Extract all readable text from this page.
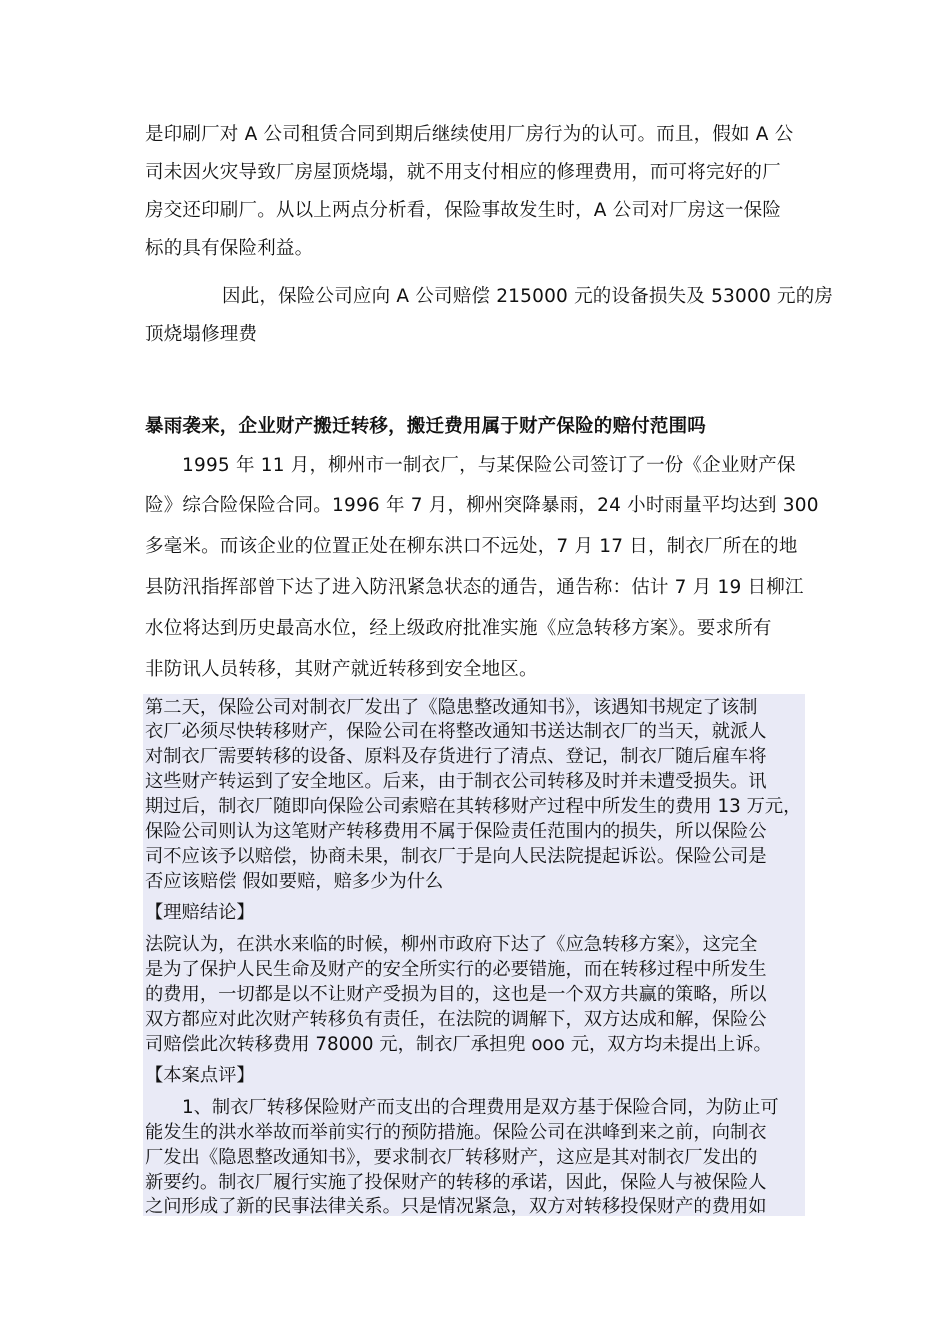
是印刷厂对 A 公司租赁合同到期后继续使用厂房行为的认可。而且，假如 A 公
司未因火灾导致厂房屋顶烧塌，就不用支付相应的修理费用，而可将完好的厂
房交还印刷厂。从以上两点分析看，保险事故发生时，A 公司对厂房这一保险
标的具有保险利益。
因此，保险公司应向 A 公司赔偿 215000 元的设备损失及 53000 元的房
顶烧塌修理费
暴雨袭来，企业财产搬迁转移，搬迁费用属于财产保险的赔付范围吗
1995 年 11 月，柳州市一制衣厂，与某保险公司签订了一份《企业财产保
险》综合险保险合同。1996 年 7 月，柳州突降暴雨，24 小时雨量平均达到 300
多毫米。而该企业的位置正处在柳东洪口不远处，7 月 17 日，制衣厂所在的地
县防汛指挥部曾下达了进入防汛紧急状态的通告，通告称：估计 7 月 19 日柳江
水位将达到历史最高水位，经上级政府批准实施《应急转移方案》。要求所有
非防讯人员转移，其财产就近转移到安全地区。
第二天，保险公司对制衣厂发出了《隐患整改通知书》，该遇知书规定了该制
衣厂必须尽快转移财产，保险公司在将整改通知书送达制衣厂的当天，就派人
对制衣厂需要转移的设备、原料及存货进行了清点、登记，制衣厂随后雇车将
这些财产转运到了安全地区。后来，由于制衣公司转移及时并未遭受损失。讯
期过后，制衣厂随即向保险公司索赔在其转移财产过程中所发生的费用 13 万元，
保险公司则认为这笔财产转移费用不属于保险责任范围内的损失，所以保险公
司不应该予以赔偿，协商未果，制衣厂于是向人民法院提起诉讼。保险公司是
否应该赔偿 假如要赔，赔多少为什么
【理赔结论】
法院认为，在洪水来临的时候，柳州市政府下达了《应急转移方案》，这完全
是为了保护人民生命及财产的安全所实行的必要错施，而在转移过程中所发生
的费用，一切都是以不让财产受损为目的，这也是一个双方共赢的策略，所以
双方都应对此次财产转移负有责任，在法院的调解下，双方达成和解，保险公
司赔偿此次转移费用 78000 元，制衣厂承担兜 ooo 元，双方均未提出上诉。
【本案点评】
1、制衣厂转移保险财产而支出的合理费用是双方基于保险合同，为防止可
能发生的洪水举故而举前实行的预防措施。保险公司在洪峰到来之前，向制衣
厂发出《隐恩整改通知书》，要求制衣厂转移财产，这应是其对制衣厂发出的
新要约。制衣厂履行实施了投保财产的转移的承诺，因此，保险人与被保险人
之问形成了新的民事法律关系。只是情况紧急，双方对转移投保财产的费用如
